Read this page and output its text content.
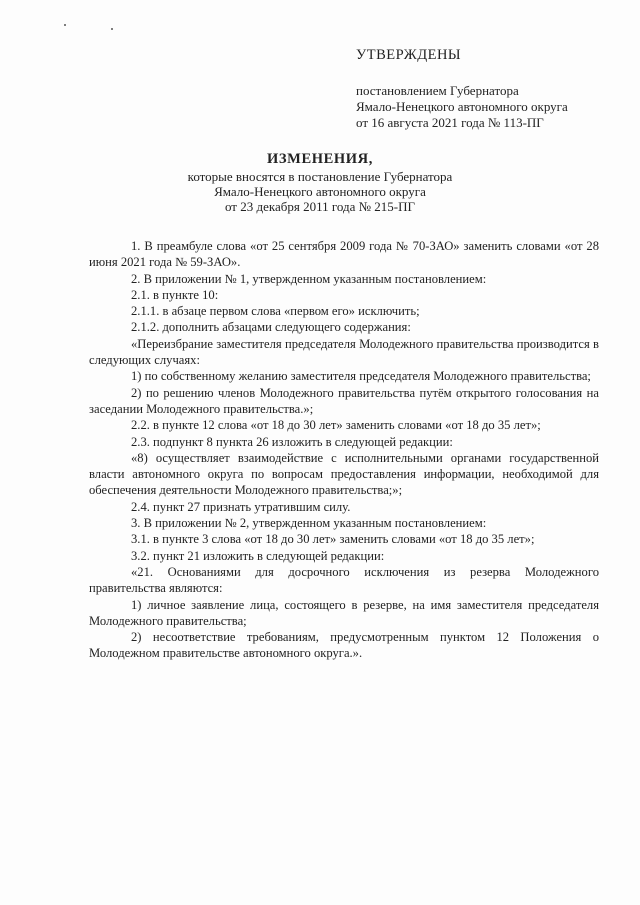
УТВЕРЖДЕНЫ
постановлением Губернатора
Ямало-Ненецкого автономного округа
от 16 августа 2021 года № 113-ПГ
ИЗМЕНЕНИЯ,
которые вносятся в постановление Губернатора
Ямало-Ненецкого автономного округа
от 23 декабря 2011 года № 215-ПГ

1. В преамбуле слова «от 25 сентября 2009 года № 70-ЗАО» заменить словами «от 28 июня 2021 года № 59-ЗАО».

2. В приложении № 1, утвержденном указанным постановлением:

2.1. в пункте 10:

2.1.1. в абзаце первом слова «первом его» исключить;

2.1.2. дополнить абзацами следующего содержания:

«Переизбрание заместителя председателя Молодежного правительства производится в следующих случаях:

1) по собственному желанию заместителя председателя Молодежного правительства;

2) по решению членов Молодежного правительства путём открытого голосования на заседании Молодежного правительства.»;

2.2. в пункте 12 слова «от 18 до 30 лет» заменить словами «от 18 до 35 лет»;

2.3. подпункт 8 пункта 26 изложить в следующей редакции:

«8) осуществляет взаимодействие с исполнительными органами государственной власти автономного округа по вопросам предоставления информации, необходимой для обеспечения деятельности Молодежного правительства;»;

2.4. пункт 27 признать утратившим силу.

3. В приложении № 2, утвержденном указанным постановлением:

3.1. в пункте 3 слова «от 18 до 30 лет» заменить словами «от 18 до 35 лет»;

3.2. пункт 21 изложить в следующей редакции:

«21. Основаниями для досрочного исключения из резерва Молодежного правительства являются:

1) личное заявление лица, состоящего в резерве, на имя заместителя председателя Молодежного правительства;

2) несоответствие требованиям, предусмотренным пунктом 12 Положения о Молодежном правительстве автономного округа.».
